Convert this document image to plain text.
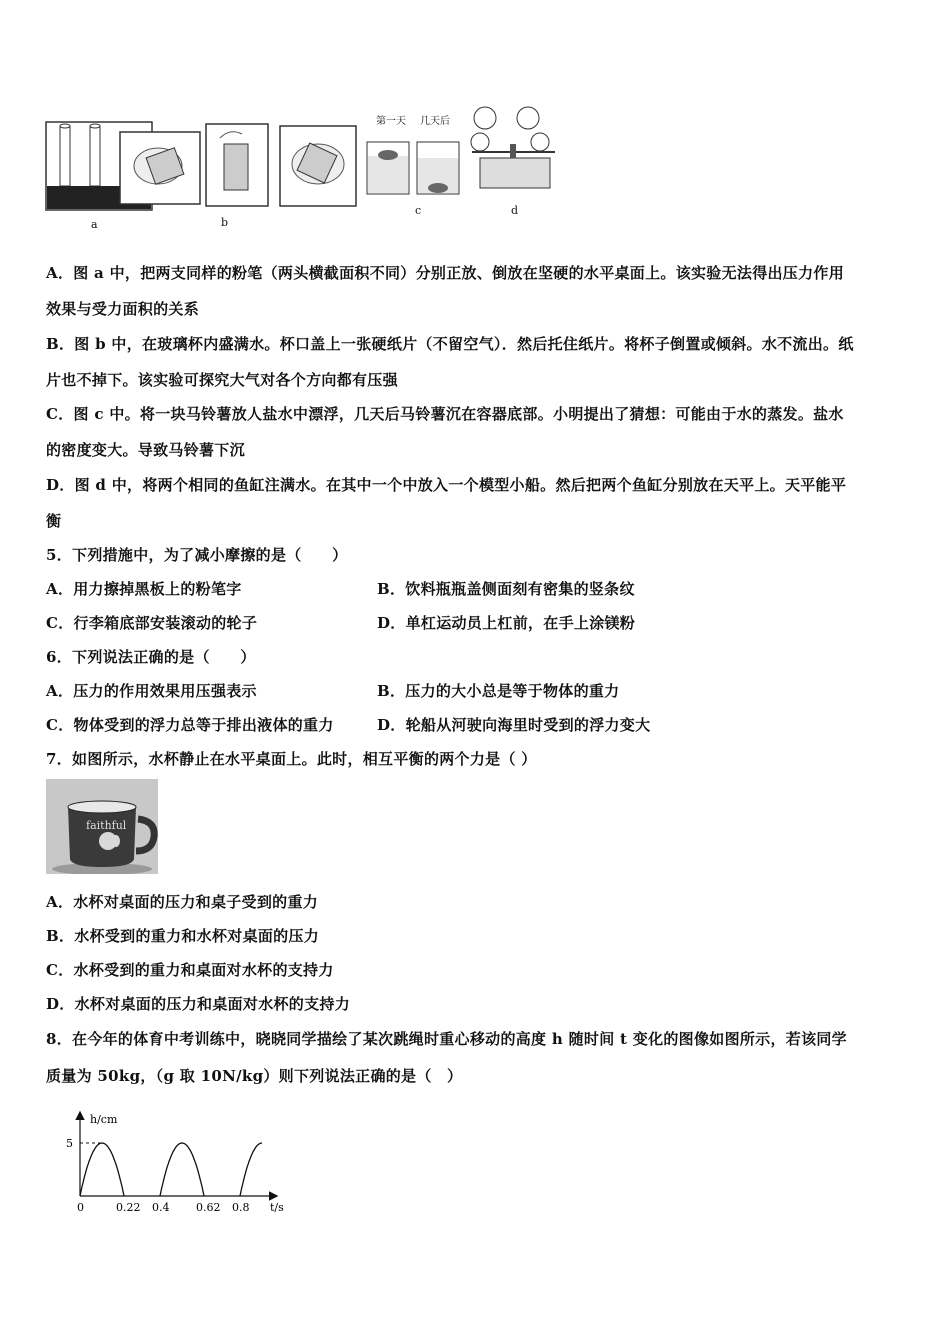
a	b
c	d
第一天 几天后
A．图 a 中，把两支同样的粉笔（两头横截面积不同）分别正放、倒放在坚硬的水平桌面上。该实验无法得出压力作用
效果与受力面积的关系
B．图 b 中，在玻璃杯内盛满水。杯口盖上一张硬纸片（不留空气）．然后托住纸片。将杯子倒置或倾斜。水不流出。纸
片也不掉下。该实验可探究大气对各个方向都有压强
C．图 c 中。将一块马铃薯放人盐水中漂浮，几天后马铃薯沉在容器底部。小明提出了猜想：可能由于水的蒸发。盐水
的密度变大。导致马铃薯下沉
D．图 d 中，将两个相同的鱼缸注满水。在其中一个中放入一个模型小船。然后把两个鱼缸分别放在天平上。天平能平
衡
5．下列措施中，为了减小摩擦的是（　　）
A．用力擦掉黑板上的粉笔字	B．饮料瓶瓶盖侧面刻有密集的竖条纹
C．行李箱底部安装滚动的轮子	D．单杠运动员上杠前，在手上涂镁粉
6．下列说法正确的是（　　）
A．压力的作用效果用压强表示	B．压力的大小总是等于物体的重力
C．物体受到的浮力总等于排出液体的重力	D．轮船从河驶向海里时受到的浮力变大
7．如图所示，水杯静止在水平桌面上。此时，相互平衡的两个力是（ ）
faithful
A．水杯对桌面的压力和桌子受到的重力
B．水杯受到的重力和水杯对桌面的压力
C．水杯受到的重力和桌面对水杯的支持力
D．水杯对桌面的压力和桌面对水杯的支持力
8．在今年的体育中考训练中，晓晓同学描绘了某次跳绳时重心移动的高度 h 随时间 t 变化的图像如图所示，若该同学
质量为 50kg，（g 取 10N/kg）则下列说法正确的是（　）
h/cm
t/s
5
0	0.22 0.4 0.62 0.8
